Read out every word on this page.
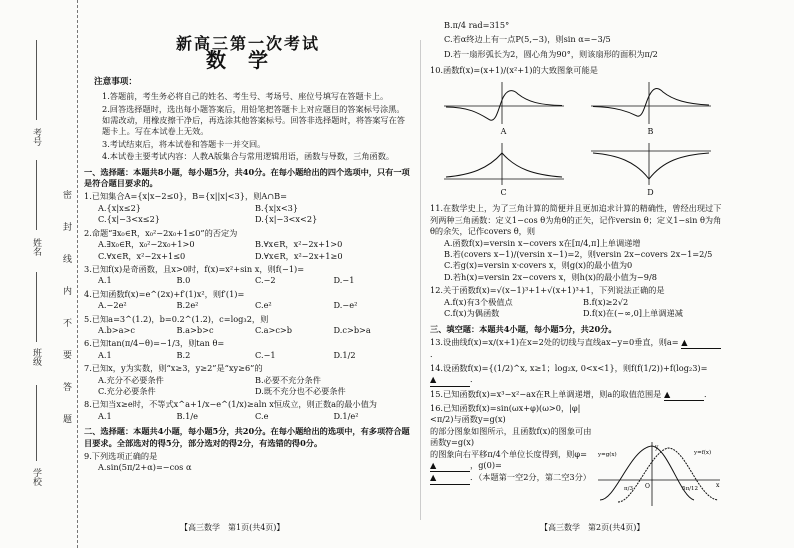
考号
姓名
班级
学校
密
封
线
内
不
要
答
题
新高三第一次考试
数学
注意事项：
1.答题前，考生务必将自己的姓名、考生号、考场号、座位号填写在答题卡上。
2.回答选择题时，选出每小题答案后，用铅笔把答题卡上对应题目的答案标号涂黑。如需改动，用橡皮擦干净后，再选涂其他答案标号。回答非选择题时，将答案写在答题卡上。写在本试卷上无效。
3.考试结束后，将本试卷和答题卡一并交回。
4.本试卷主要考试内容：人教A版集合与常用逻辑用语，函数与导数，三角函数。
一、选择题：本题共8小题，每小题5分，共40分。在每小题给出的四个选项中，只有一项是符合题目要求的。
1.已知集合A={x|x−2≤0}，B={x||x|<3}，则A∩B=
A.{x|x≤2}	B.{x|x<3}
C.{x|−3<x≤2}	D.{x|−3<x<2}
2.命题“∃x₀∈R，x₀²−2x₀+1≤0”的否定为
A.∃x₀∈R，x₀²−2x₀+1>0	B.∀x∈R，x²−2x+1>0
C.∀x∈R，x²−2x+1≤0	D.∀x∈R，x²−2x+1≥0
3.已知f(x)是奇函数，且x>0时，f(x)=x²+sin x，则f(−1)=
A.1	B.0	C.−2	D.−1
4.已知函数f(x)=e^(2x)+f′(1)x²，则f′(1)=
A.−2e²	B.2e²	C.e²	D.−e²
5.已知a=3^(1.2)，b=0.2^(1.2)，c=log₃2，则
A.b>a>c	B.a>b>c	C.a>c>b	D.c>b>a
6.已知tan(π/4−θ)=−1/3，则tan θ=
A.1	B.2	C.−1	D.1/2
7.已知x，y为实数，则“x≥3，y≥2”是“xy≥6”的
A.充分不必要条件	B.必要不充分条件
C.充分必要条件	D.既不充分也不必要条件
8.已知当x≥e时，不等式x^a+1/x−e^(1/x)≥aln x恒成立，则正数a的最小值为
A.1	B.1/e	C.e	D.1/e²
二、选择题：本题共4小题，每小题5分，共20分。在每小题给出的选项中，有多项符合题目要求。全部选对的得5分，部分选对的得2分，有选错的得0分。
9.下列选项正确的是
A.sin(5π/2+α)=−cos α
B.π/4 rad=315°
C.若α终边上有一点P(5,−3)，则sin α=−3/5
D.若一扇形弧长为2，圆心角为90°，则该扇形的面积为π/2
10.函数f(x)=(x+1)/(x²+1)的大致图象可能是
A	B
C	D
11.在数学史上，为了三角计算的简便并且更加追求计算的精确性，曾经出现过下列两种三角函数：定义1−cos θ为角θ的正矢，记作versin θ；定义1−sin θ为角θ的余矢，记作covers θ，则
A.函数f(x)=versin x−covers x在[π/4,π]上单调递增
B.若(covers x−1)/(versin x−1)=2，则versin 2x−covers 2x−1=2/5
C.若g(x)=versin x·covers x，则g(x)的最小值为0
D.若h(x)=versin 2x−covers x，则h(x)的最小值为−9/8
12.关于函数f(x)=√(x−1)³+1+√(x+1)³+1，下列说法正确的是
A.f(x)有3个极值点	B.f(x)≥2√2
C.f(x)为偶函数	D.f(x)在(−∞,0]上单调递减
三、填空题：本题共4小题，每小题5分，共20分。
13.设曲线f(x)=x/(x+1)在x=2处的切线与直线ax−y=0垂直，则a= ▲．
14.设函数f(x)={(1/2)^x, x≥1；log₂x, 0<x<1}，则f(f(1/2))+f(log₂3)= ▲	．
15.已知函数f(x)=x³−x²−ax在R上单调递增，则a的取值范围是 ▲	．
16.已知函数f(x)=sin(ωx+φ)(ω>0，|φ|<π/2)与函数y=g(x)
的部分图象如图所示，且函数f(x)的图象可由函数y=g(x)
的图象向右平移π/4个单位长度得到，则φ= ▲	，g(0)=
▲	．（本题第一空2分，第二空3分）
y
y=g(x)	y=f(x)
x
O
π/3	5π/12
【高三数学　第1页(共4页)】	【高三数学　第2页(共4页)】
